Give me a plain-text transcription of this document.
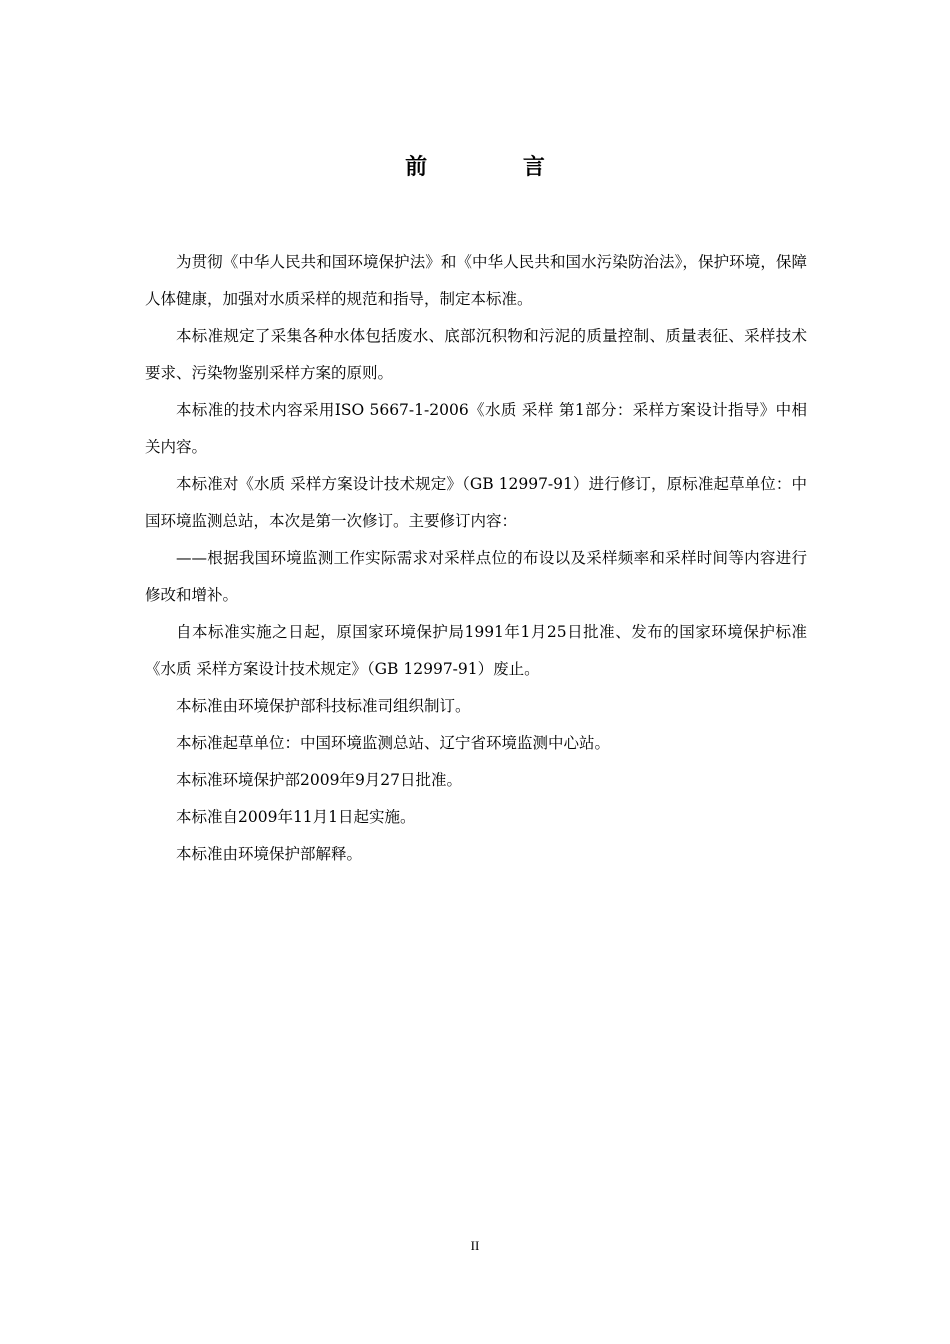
前 言

为贯彻《中华人民共和国环境保护法》和《中华人民共和国水污染防治法》，保护环境，保障人体健康，加强对水质采样的规范和指导，制定本标准。

本标准规定了采集各种水体包括废水、底部沉积物和污泥的质量控制、质量表征、采样技术要求、污染物鉴别采样方案的原则。

本标准的技术内容采用ISO 5667-1-2006《水质 采样 第1部分：采样方案设计指导》中相关内容。

本标准对《水质 采样方案设计技术规定》（GB 12997-91）进行修订，原标准起草单位：中国环境监测总站，本次是第一次修订。主要修订内容：

——根据我国环境监测工作实际需求对采样点位的布设以及采样频率和采样时间等内容进行修改和增补。

自本标准实施之日起，原国家环境保护局1991年1月25日批准、发布的国家环境保护标准《水质 采样方案设计技术规定》（GB 12997-91）废止。

本标准由环境保护部科技标准司组织制订。

本标准起草单位：中国环境监测总站、辽宁省环境监测中心站。

本标准环境保护部2009年9月27日批准。

本标准自2009年11月1日起实施。

本标准由环境保护部解释。

II
